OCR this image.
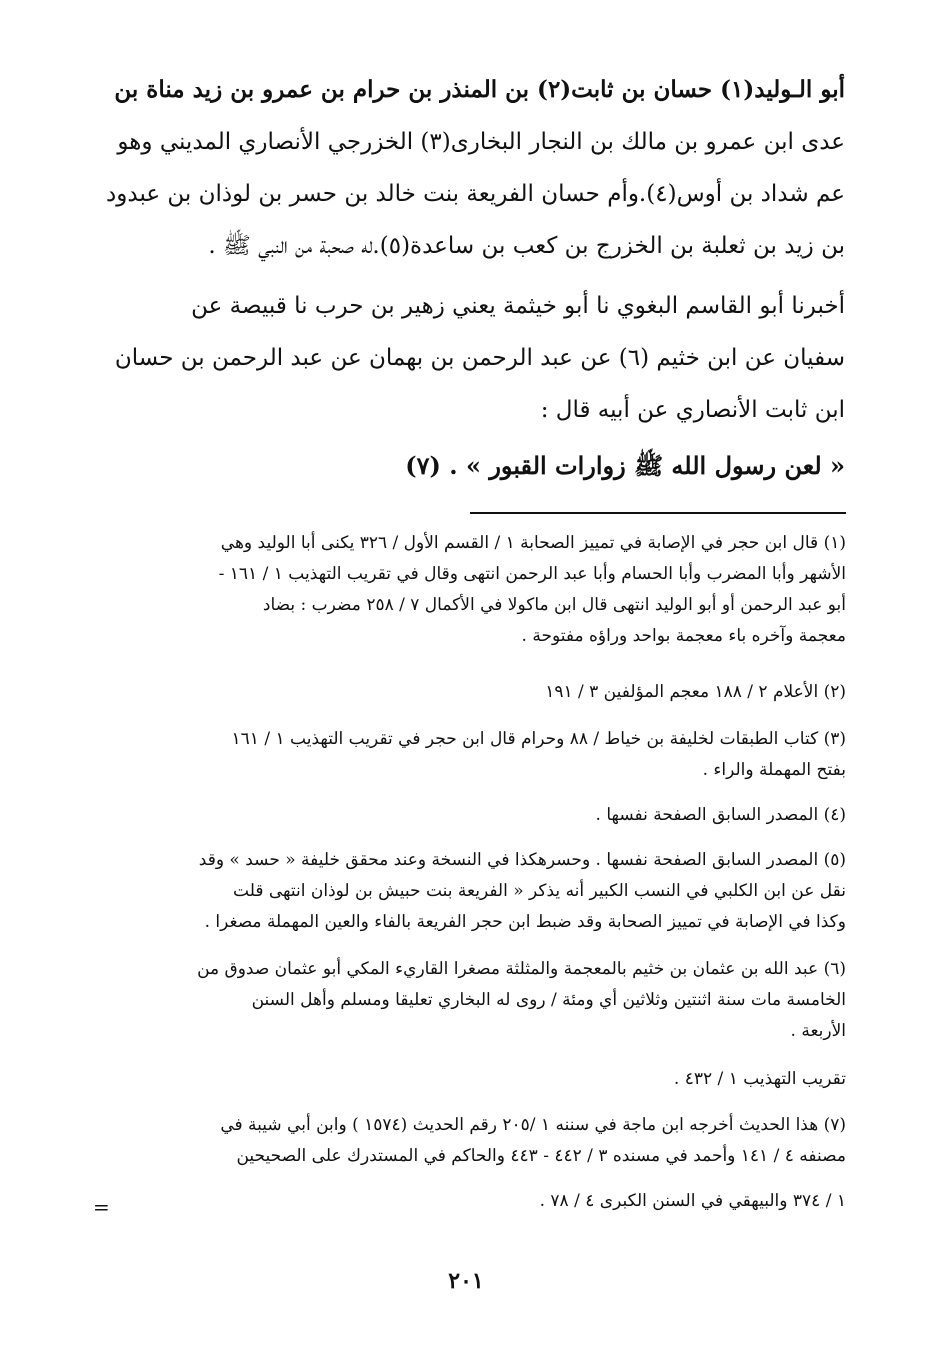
أبو الـوليد(١) حسان بن ثابت(٢) بن المنذر بن حرام بن عمرو بن زيد مناة بن
عدى ابن عمرو بن مالك بن النجار البخارى(٣) الخزرجي الأنصاري المديني وهو
عم شداد بن أوس(٤).وأم حسان الفريعة بنت خالد بن حسر بن لوذان بن عبدود
بن زيد بن ثعلبة بن الخزرج بن كعب بن ساعدة(٥).له صحبة من النبي ﷺ .
أخبرنا أبو القاسم البغوي نا أبو خيثمة يعني زهير بن حرب نا قبيصة عن
سفيان عن ابن خثيم (٦) عن عبد الرحمن بن بهمان عن عبد الرحمن بن حسان
ابن ثابت الأنصاري عن أبيه قال :
« لعن رسول الله ﷺ زوارات القبور » . (٧)
(١) قال ابن حجر في الإصابة في تمييز الصحابة ١ / القسم الأول / ٣٢٦ يكنى أبا الوليد وهي
الأشهر وأبا المضرب وأبا الحسام وأبا عبد الرحمن انتهى وقال في تقريب التهذيب ١ / ١٦١ -
أبو عبد الرحمن أو أبو الوليد انتهى قال ابن ماكولا في الأكمال ٧ / ٢٥٨ مضرب : بضاد
معجمة وآخره باء معجمة بواحد وراؤه مفتوحة .
(٢) الأعلام ٢ / ١٨٨ معجم المؤلفين ٣ / ١٩١
(٣) كتاب الطبقات لخليفة بن خياط / ٨٨ وحرام قال ابن حجر في تقريب التهذيب ١ / ١٦١
بفتح المهملة والراء .
(٤) المصدر السابق الصفحة نفسها .
(٥) المصدر السابق الصفحة نفسها . وحسرهكذا في النسخة وعند محقق خليفة « حسد » وقد
نقل عن ابن الكلبي في النسب الكبير أنه يذكر « الفريعة بنت حبيش بن لوذان انتهى قلت
وكذا في الإصابة في تمييز الصحابة وقد ضبط ابن حجر الفريعة بالفاء والعين المهملة مصغرا .
(٦) عبد الله بن عثمان بن خثيم بالمعجمة والمثلثة مصغرا القاريء المكي أبو عثمان صدوق من
الخامسة مات سنة اثنتين وثلاثين أي ومئة / روى له البخاري تعليقا ومسلم وأهل السنن
الأربعة .
تقريب التهذيب ١ / ٤٣٢ .
(٧) هذا الحديث أخرجه ابن ماجة في سننه ١ /٢٠٥ رقم الحديث (١٥٧٤ ) وابن أبي شيبة في
مصنفه ٤ / ١٤١ وأحمد في مسنده ٣ / ٤٤٢ - ٤٤٣ والحاكم في المستدرك على الصحيحين
١ / ٣٧٤ والبيهقي في السنن الكبرى ٤ / ٧٨ .
=
٢٠١
